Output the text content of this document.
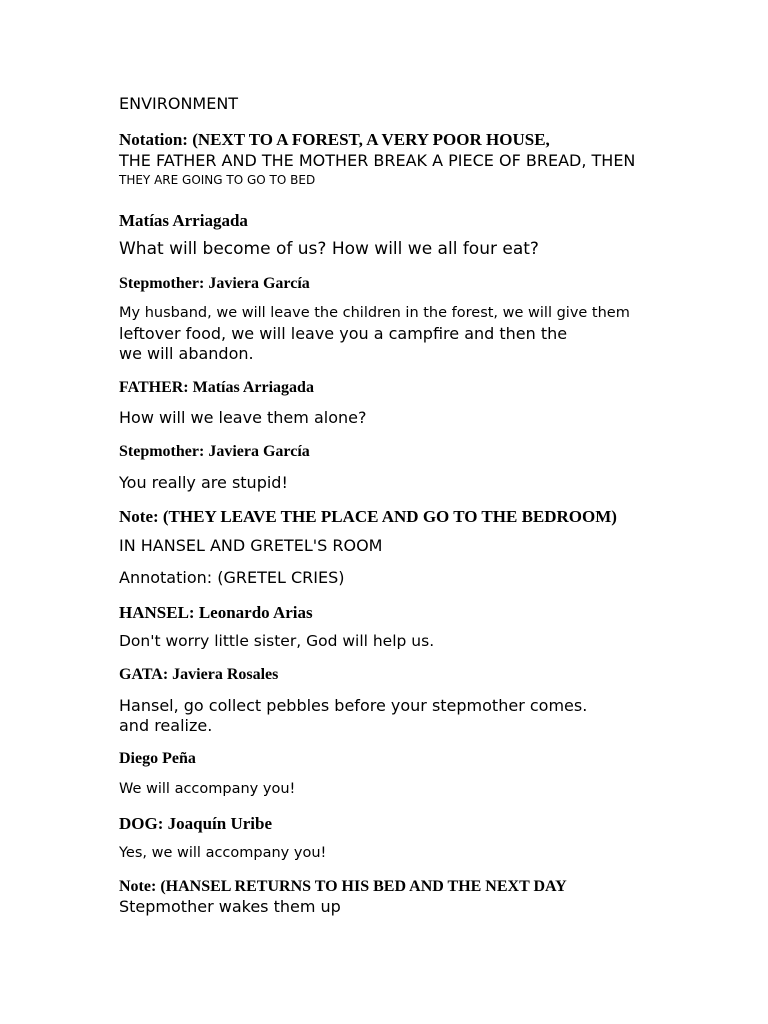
ENVIRONMENT

Notation: (NEXT TO A FOREST, A VERY POOR HOUSE,

THE FATHER AND THE MOTHER BREAK A PIECE OF BREAD, THEN

THEY ARE GOING TO GO TO BED

Matías Arriagada

What will become of us? How will we all four eat?

Stepmother: Javiera García

My husband, we will leave the children in the forest, we will give them

leftover food, we will leave you a campfire and then the

we will abandon.

FATHER: Matías Arriagada

How will we leave them alone?

Stepmother: Javiera García

You really are stupid!

Note: (THEY LEAVE THE PLACE AND GO TO THE BEDROOM)

IN HANSEL AND GRETEL'S ROOM

Annotation: (GRETEL CRIES)

HANSEL: Leonardo Arias

Don't worry little sister, God will help us.

GATA: Javiera Rosales

Hansel, go collect pebbles before your stepmother comes.

and realize.

Diego Peña

We will accompany you!

DOG: Joaquín Uribe

Yes, we will accompany you!

Note: (HANSEL RETURNS TO HIS BED AND THE NEXT DAY

Stepmother wakes them up
